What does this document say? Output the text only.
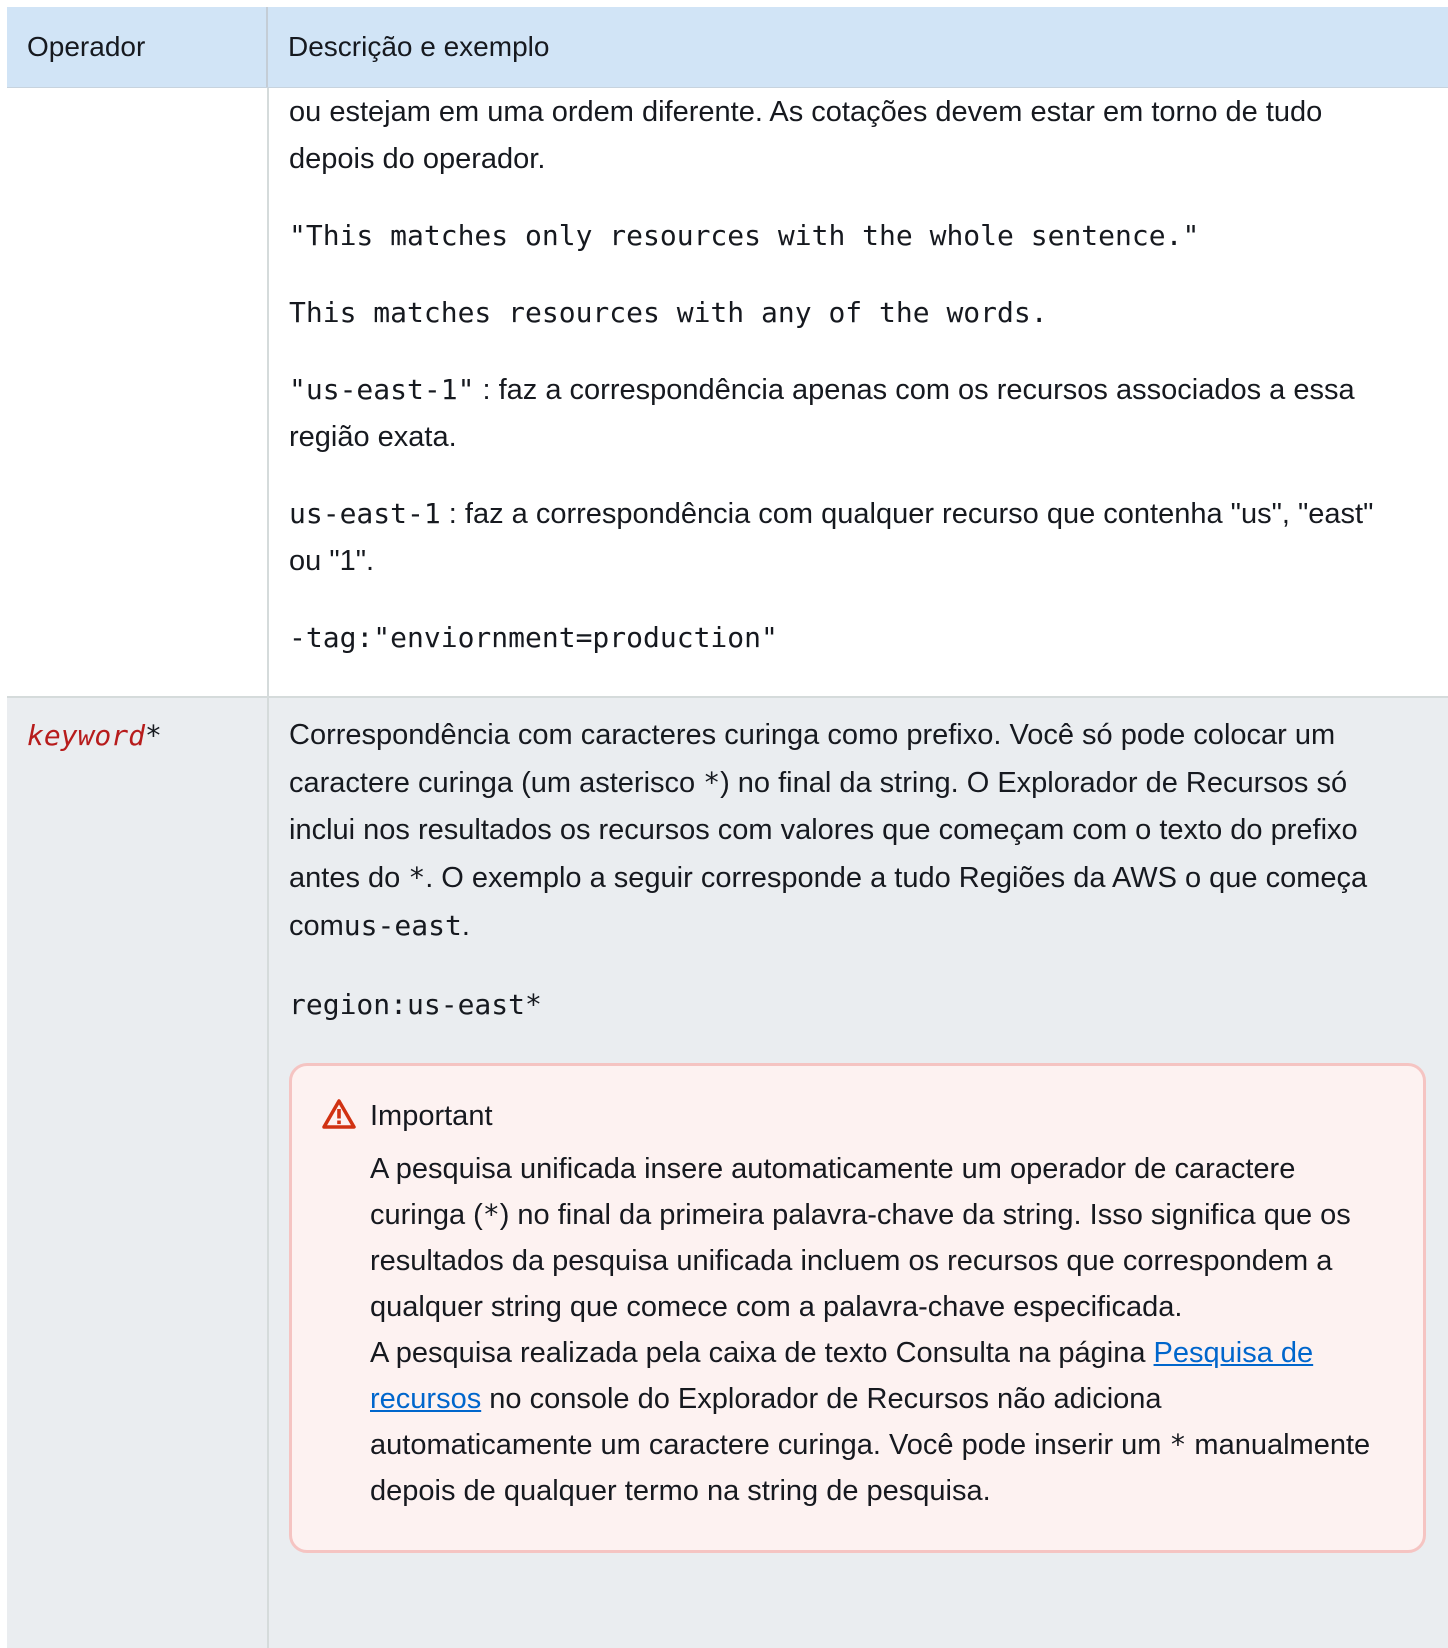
Operador	Descrição e exemplo

ou estejam em uma ordem diferente. As cotações devem estar em torno de tudo depois do operador.

"This matches only resources with the whole sentence."

This matches resources with any of the words.

"us-east-1" : faz a correspondência apenas com os recursos associados a essa região exata.

us-east-1 : faz a correspondência com qualquer recurso que contenha "us", "east" ou "1".

-tag:"enviornment=production"

keyword*	Correspondência com caracteres curinga como prefixo. Você só pode colocar um caractere curinga (um asterisco *) no final da string. O Explorador de Recursos só inclui nos resultados os recursos com valores que começam com o texto do prefixo antes do *. O exemplo a seguir corresponde a tudo Regiões da AWS o que começa comus-east.

region:us-east*

Important

A pesquisa unificada insere automaticamente um operador de caractere curinga (*) no final da primeira palavra-chave da string. Isso significa que os resultados da pesquisa unificada incluem os recursos que correspondem a qualquer string que comece com a palavra-chave especificada.

A pesquisa realizada pela caixa de texto Consulta na página Pesquisa de recursos no console do Explorador de Recursos não adiciona automaticamente um caractere curinga. Você pode inserir um * manualmente depois de qualquer termo na string de pesquisa.
